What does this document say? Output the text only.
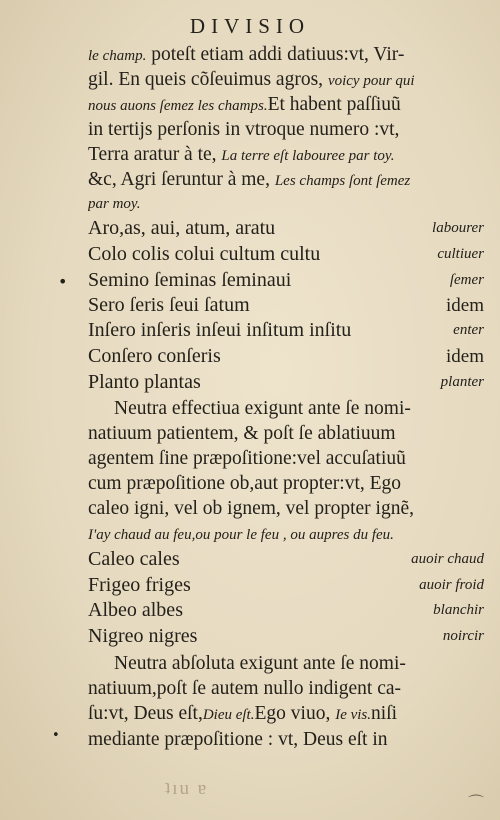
DIVISIO
le champ. poteſt etiam addi datiuus:vt, Vir-
gil. En queis cõſeuimus agros, voicy pour qui
nous auons ſemez les champs.Et habent paſſiuũ
in tertijs perſonis in vtroque numero :vt,
Terra aratur à te, La terre eſt labouree par toy.
&c, Agri ſeruntur à me, Les champs ſont ſemez
par moy.
Aro,as, aui, atum, aratu	labourer
Colo colis colui cultum cultu	cultiuer
Semino ſeminas ſeminaui	ſemer
Sero ſeris ſeui ſatum	idem
Inſero inſeris inſeui inſitum inſitu	enter
Conſero conſeris	idem
Planto plantas	planter
•
Neutra effectiua exigunt ante ſe nomi-
natiuum patientem, & poſt ſe ablatiuum
agentem ſine præpoſitione:vel accuſatiuũ
cum præpoſitione ob,aut propter:vt, Ego
caleo igni, vel ob ignem, vel propter ignẽ,
I'ay chaud au feu,ou pour le feu , ou aupres du feu.
Caleo cales	auoir chaud
Frigeo friges	auoir froid
Albeo albes	blanchir
Nigreo nigres	noircir
Neutra abſoluta exigunt ante ſe nomi-
natiuum,poſt ſe autem nullo indigent ca-
ſu:vt, Deus eſt,Dieu eſt.Ego viuo, Ie vis.niſi
mediante præpoſitione : vt, Deus eſt in
•
⌒
ʇıu ɐ
